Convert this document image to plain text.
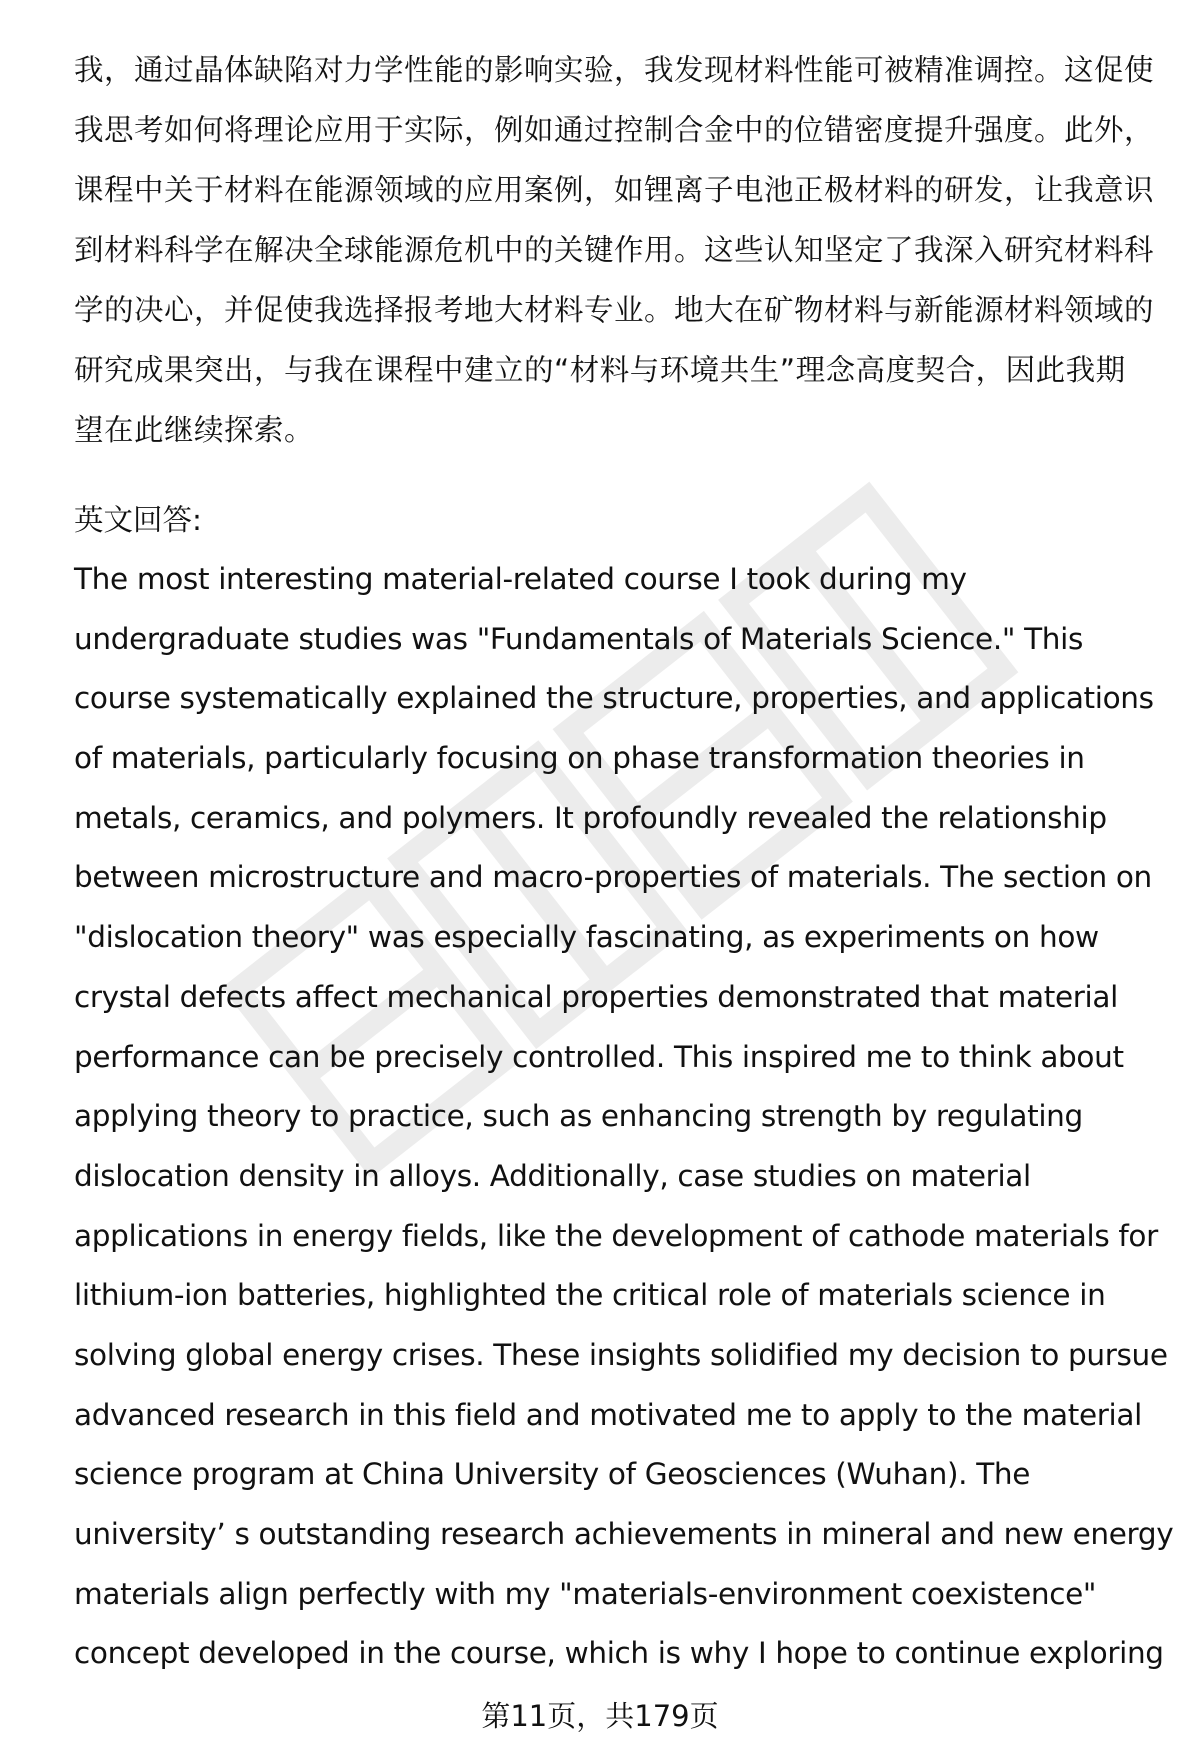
我，通过晶体缺陷对力学性能的影响实验，我发现材料性能可被精准调控。这促使
我思考如何将理论应用于实际，例如通过控制合金中的位错密度提升强度。此外，
课程中关于材料在能源领域的应用案例，如锂离子电池正极材料的研发，让我意识
到材料科学在解决全球能源危机中的关键作用。这些认知坚定了我深入研究材料科
学的决心，并促使我选择报考地大材料专业。地大在矿物材料与新能源材料领域的
研究成果突出，与我在课程中建立的“材料与环境共生”理念高度契合，因此我期
望在此继续探索。
英文回答:
The most interesting material-related course I took during my
undergraduate studies was "Fundamentals of Materials Science." This
course systematically explained the structure, properties, and applications
of materials, particularly focusing on phase transformation theories in
metals, ceramics, and polymers. It profoundly revealed the relationship
between microstructure and macro-properties of materials. The section on
"dislocation theory" was especially fascinating, as experiments on how
crystal defects affect mechanical properties demonstrated that material
performance can be precisely controlled. This inspired me to think about
applying theory to practice, such as enhancing strength by regulating
dislocation density in alloys. Additionally, case studies on material
applications in energy fields, like the development of cathode materials for
lithium-ion batteries, highlighted the critical role of materials science in
solving global energy crises. These insights solidified my decision to pursue
advanced research in this field and motivated me to apply to the material
science program at China University of Geosciences (Wuhan). The
university’ s outstanding research achievements in mineral and new energy
materials align perfectly with my "materials-environment coexistence"
concept developed in the course, which is why I hope to continue exploring
第11页，共179页
